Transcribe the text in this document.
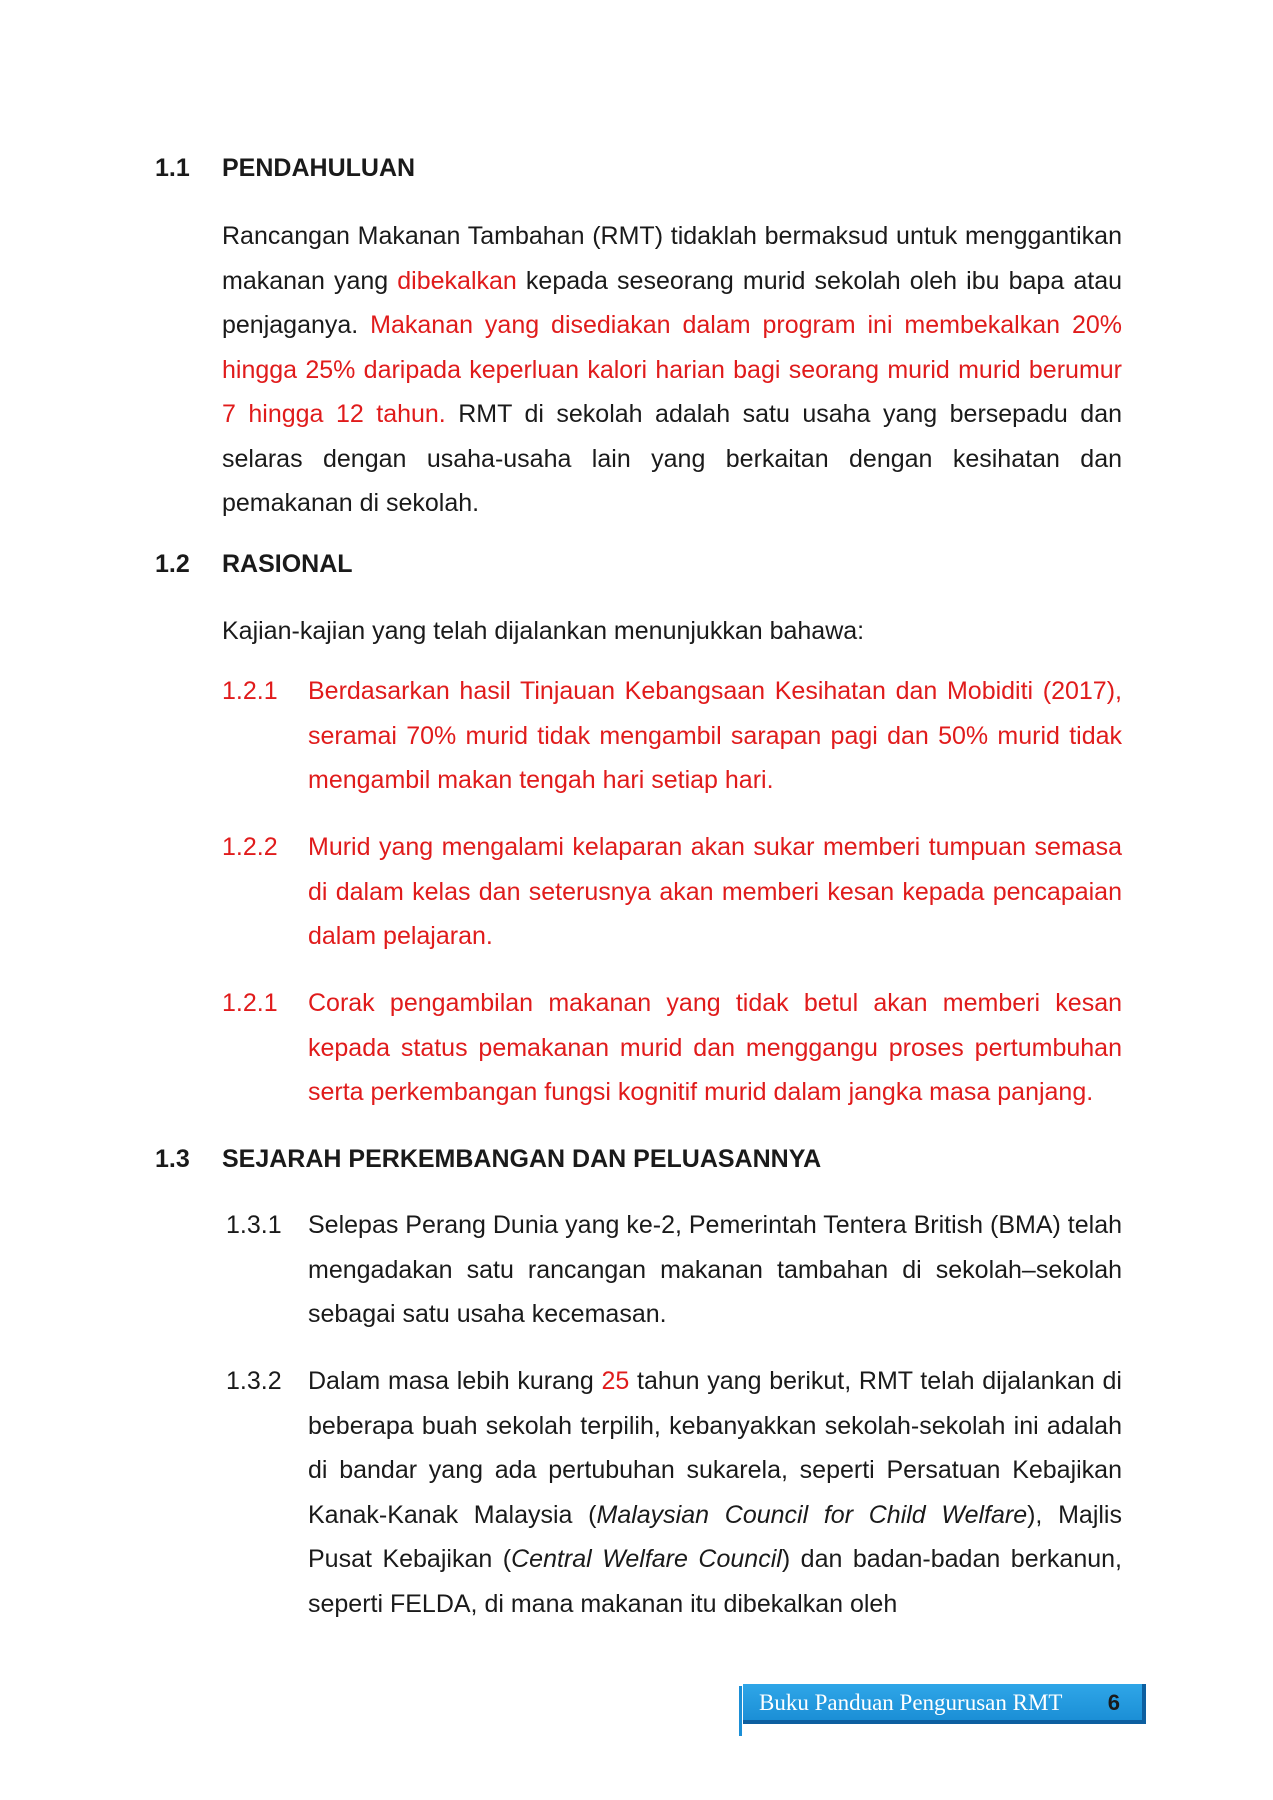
1.1 PENDAHULUAN

Rancangan Makanan Tambahan (RMT) tidaklah bermaksud untuk menggantikan makanan yang dibekalkan kepada seseorang murid sekolah oleh ibu bapa atau penjaganya. Makanan yang disediakan dalam program ini membekalkan 20% hingga 25% daripada keperluan kalori harian bagi seorang murid murid berumur 7 hingga 12 tahun. RMT di sekolah adalah satu usaha yang bersepadu dan selaras dengan usaha-usaha lain yang berkaitan dengan kesihatan dan pemakanan di sekolah.

1.2 RASIONAL
Kajian-kajian yang telah dijalankan menunjukkan bahawa:
1.2.1	Berdasarkan hasil Tinjauan Kebangsaan Kesihatan dan Mobiditi (2017), seramai 70% murid tidak mengambil sarapan pagi dan 50% murid tidak mengambil makan tengah hari setiap hari.

1.2.2	Murid yang mengalami kelaparan akan sukar memberi tumpuan semasa di dalam kelas dan seterusnya akan memberi kesan kepada pencapaian dalam pelajaran.

1.2.1	Corak pengambilan makanan yang tidak betul akan memberi kesan kepada status pemakanan murid dan menggangu proses pertumbuhan serta perkembangan fungsi kognitif murid dalam jangka masa panjang.

1.3 SEJARAH PERKEMBANGAN DAN PELUASANNYA
1.3.1	Selepas Perang Dunia yang ke-2, Pemerintah Tentera British (BMA) telah mengadakan satu rancangan makanan tambahan di sekolah–sekolah sebagai satu usaha kecemasan.

1.3.2	Dalam masa lebih kurang 25 tahun yang berikut, RMT telah dijalankan di beberapa buah sekolah terpilih, kebanyakkan sekolah-sekolah ini adalah di bandar yang ada pertubuhan sukarela, seperti Persatuan Kebajikan Kanak-Kanak Malaysia (Malaysian Council for Child Welfare), Majlis Pusat Kebajikan (Central Welfare Council) dan badan-badan berkanun, seperti FELDA, di mana makanan itu dibekalkan oleh

Buku Panduan Pengurusan RMT 6
